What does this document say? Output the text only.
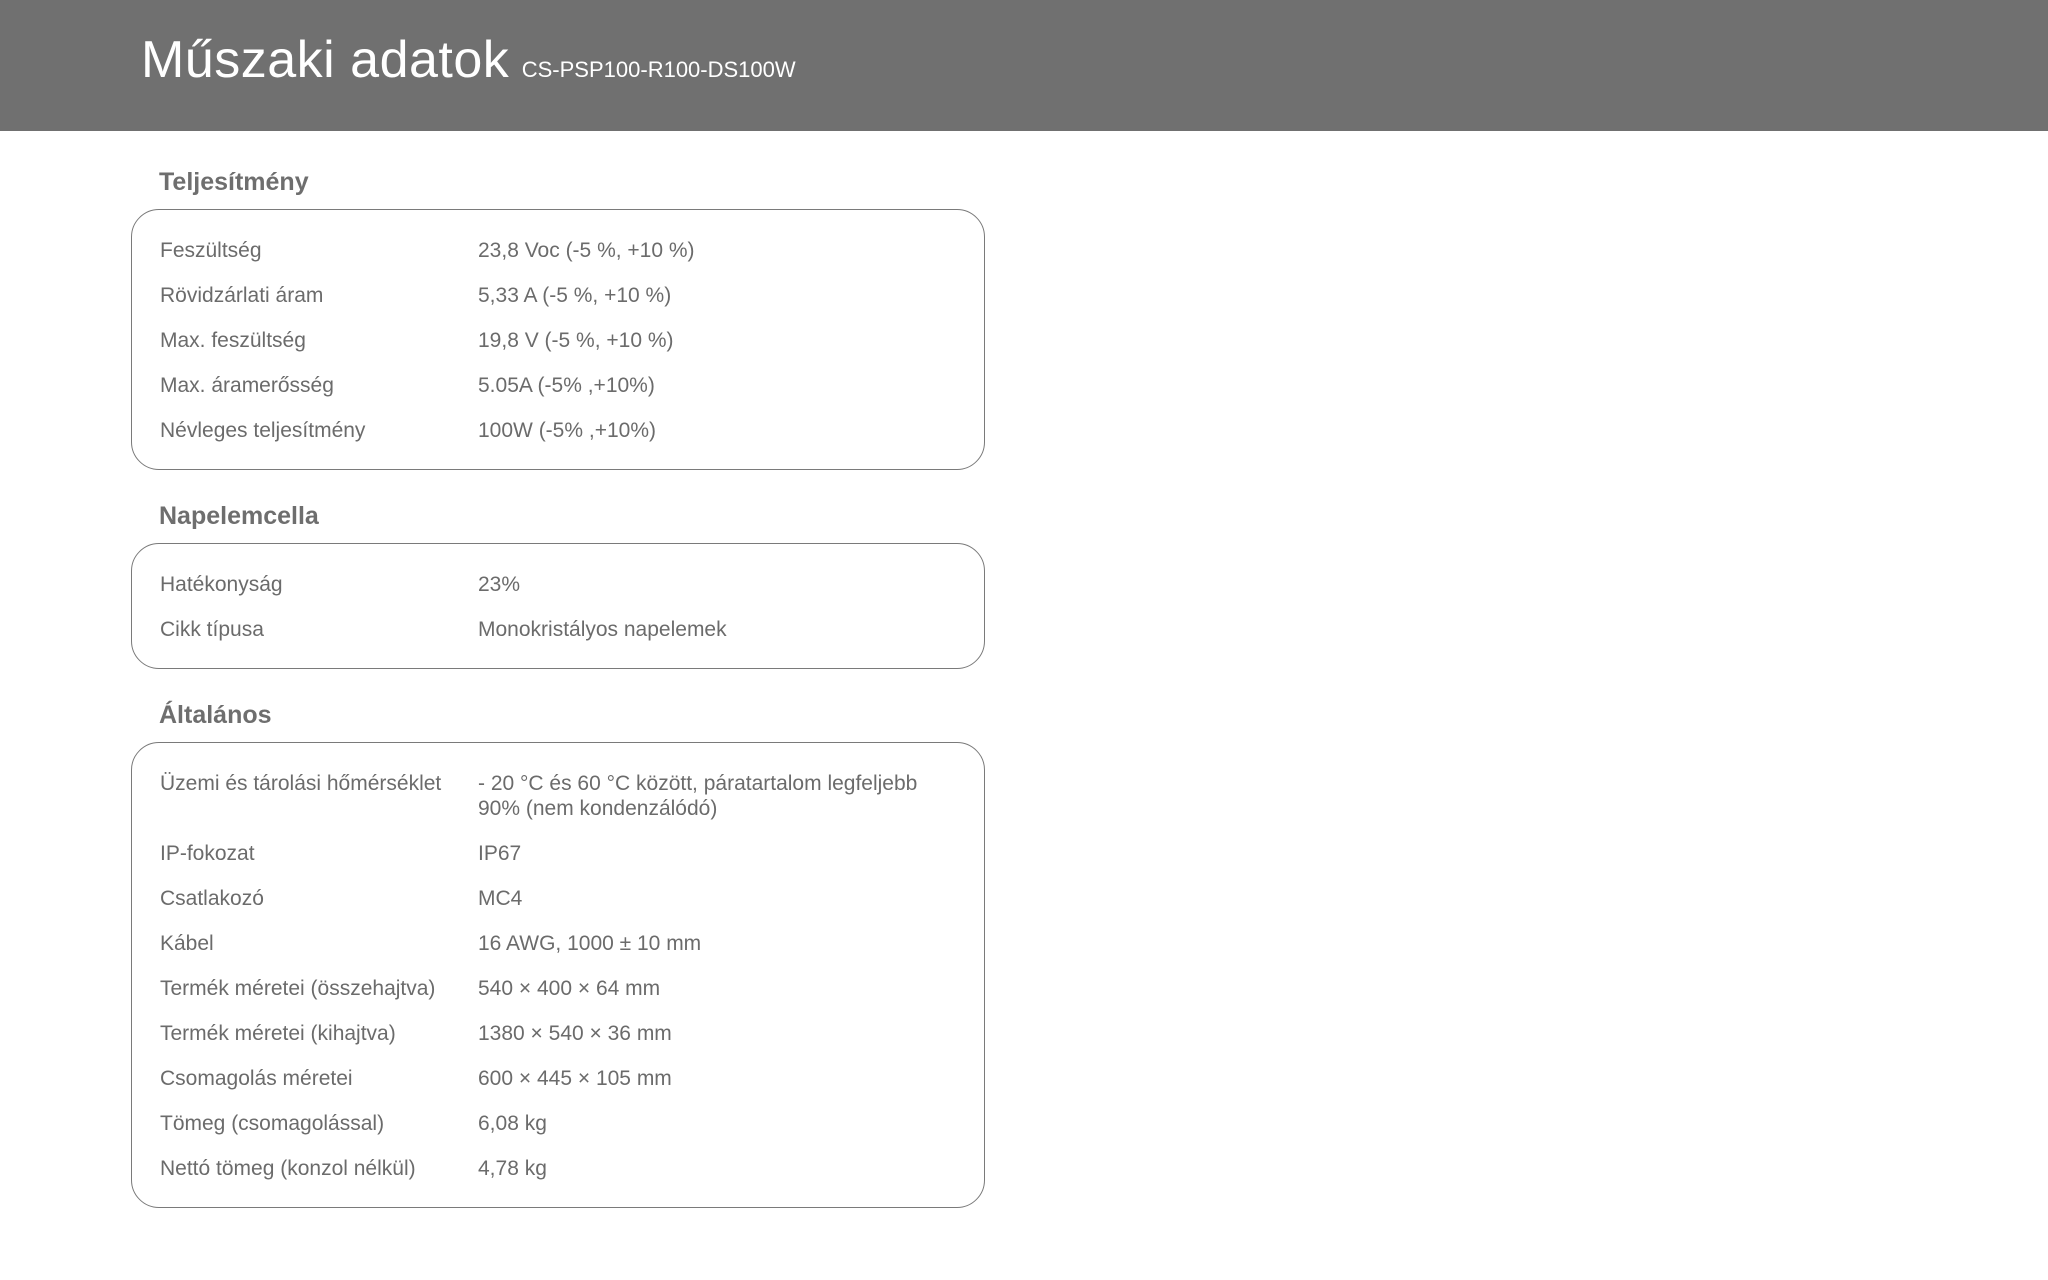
Műszaki adatok CS-PSP100-R100-DS100W
Teljesítmény
Feszültség	23,8 Voc (-5 %, +10 %)
Rövidzárlati áram	5,33 A (-5 %, +10 %)
Max. feszültség	19,8 V (-5 %, +10 %)
Max. áramerősség	5.05A (-5% ,+10%)
Névleges teljesítmény	100W (-5% ,+10%)
Napelemcella
Hatékonyság	23%
Cikk típusa	Monokristályos napelemek
Általános
Üzemi és tárolási hőmérséklet	- 20 °C és 60 °C között, páratartalom legfeljebb 90% (nem kondenzálódó)
IP-fokozat	IP67
Csatlakozó	MC4
Kábel	16 AWG, 1000 ± 10 mm
Termék méretei (összehajtva)	540 × 400 × 64 mm
Termék méretei (kihajtva)	1380 × 540 × 36 mm
Csomagolás méretei	600 × 445 × 105 mm
Tömeg (csomagolással)	6,08 kg
Nettó tömeg (konzol nélkül)	4,78 kg
